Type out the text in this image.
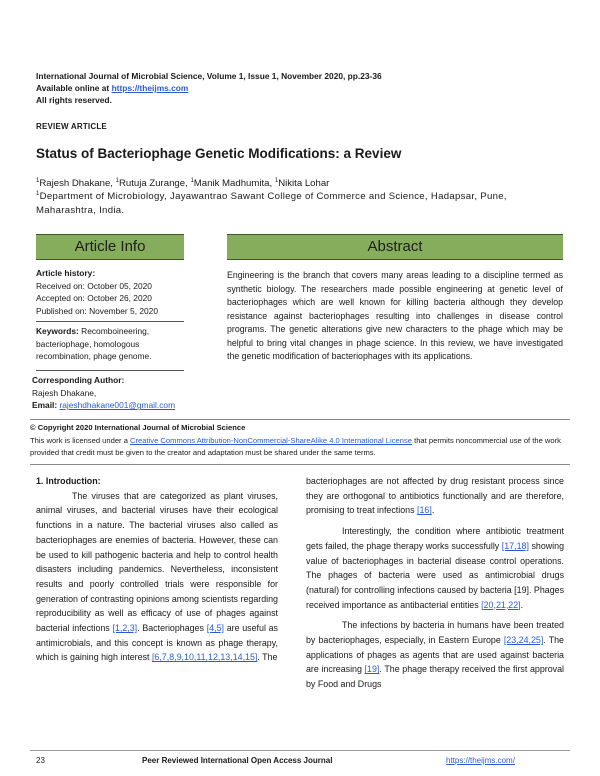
International Journal of Microbial Science, Volume 1, Issue 1, November 2020, pp.23-36
Available online at https://theijms.com
All rights reserved.
REVIEW ARTICLE
Status of Bacteriophage Genetic Modifications: a Review
$^1$Rajesh Dhakane, $^1$Rutuja Zurange, $^1$Manik Madhumita, $^1$Nikita Lohar
$^1$Department of Microbiology, Jayawantrao Sawant College of Commerce and Science, Hadapsar, Pune, Maharashtra, India.
Article Info
Article history:
Received on: October 05, 2020
Accepted on: October 26, 2020
Published on: November 5, 2020
Keywords: Recomboineering,
bacteriophage, homologous
recombination, phage genome.
Corresponding Author:
Rajesh Dhakane,
Email: rajeshdhakane001@gmail.com
Abstract
Engineering is the branch that covers many areas leading to a discipline termed as synthetic biology. The researchers made possible engineering at genetic level of bacteriophages which are well known for killing bacteria although they develop resistance against bacteriophages resulting into challenges in disease control programs. The genetic alterations give new characters to the phage which may be helpful to bring vital changes in phage science. In this review, we have investigated the genetic modification of bacteriophages with its applications.
© Copyright 2020 International Journal of Microbial Science
This work is licensed under a Creative Commons Attribution-NonCommercial-ShareAlike 4.0 International License that permits noncommercial use of the work provided that credit must be given to the creator and adaptation must be shared under the same terms.

1. Introduction:

The viruses that are categorized as plant viruses, animal viruses, and bacterial viruses have their ecological functions in a nature. The bacterial viruses also called as bacteriophages are enemies of bacteria. However, these can be used to kill pathogenic bacteria and help to control health disasters including pandemics. Nevertheless, inconsistent results and poorly controlled trials were responsible for generation of contrasting opinions among scientists regarding reproducibility as well as efficacy of use of phages against bacterial infections [1,2,3]. Bacteriophages [4,5] are useful as antimicrobials, and this concept is known as phage therapy, which is gaining high interest [6,7,8,9,10,11,12,13,14,15]. The

bacteriophages are not affected by drug resistant process since they are orthogonal to antibiotics functionally and are therefore, promising to treat infections [16].

Interestingly, the condition where antibiotic treatment gets failed, the phage therapy works successfully [17,18] showing value of bacteriophages in bacterial disease control operations. The phages of bacteria were used as antimicrobial drugs (natural) for controlling infections caused by bacteria [19]. Phages received importance as antibacterial entities [20,21,22].

The infections by bacteria in humans have been treated by bacteriophages, especially, in Eastern Europe [23,24,25]. The applications of phages as agents that are used against bacteria are increasing [19]. The phage therapy received the first approval by Food and Drugs

23	Peer Reviewed International Open Access Journal	https://theijms.com/
